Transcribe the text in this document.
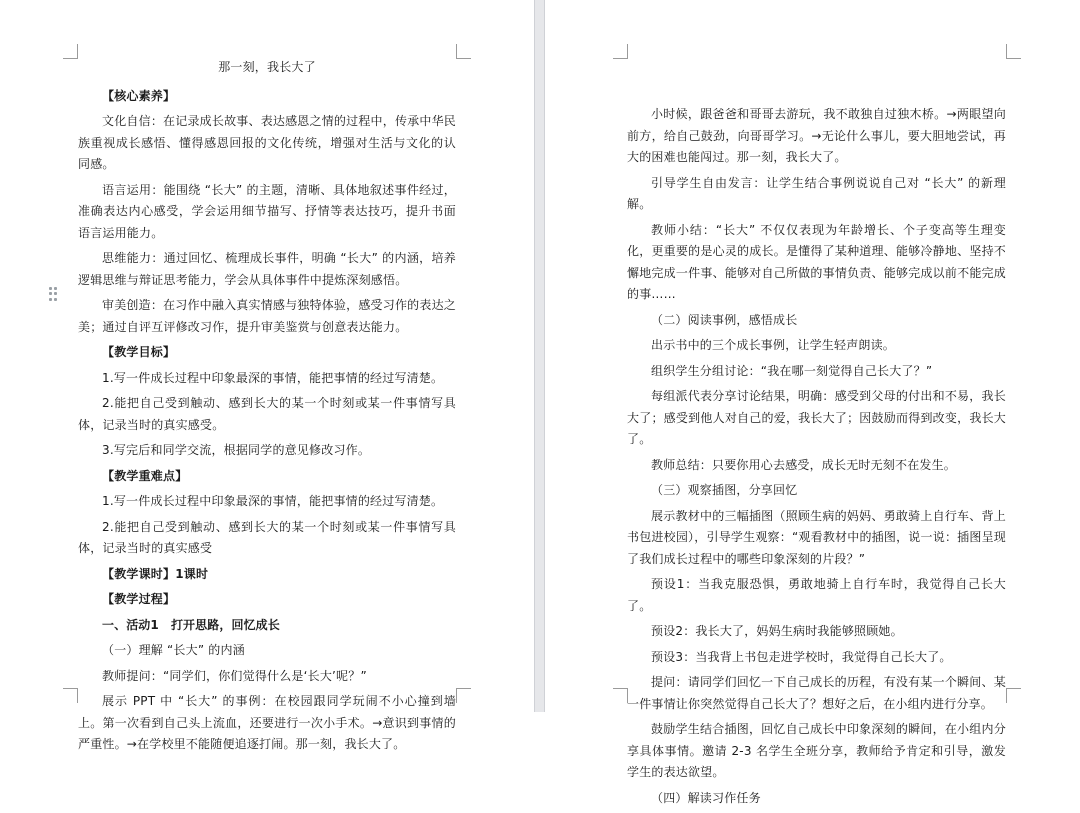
那一刻，我长大了

【核心素养】

文化自信：在记录成长故事、表达感恩之情的过程中，传承中华民族重视成长感悟、懂得感恩回报的文化传统，增强对生活与文化的认同感。

语言运用：能围绕 “长大” 的主题，清晰、具体地叙述事件经过，准确表达内心感受，学会运用细节描写、抒情等表达技巧，提升书面语言运用能力。

思维能力：通过回忆、梳理成长事件，明确 “长大” 的内涵，培养逻辑思维与辩证思考能力，学会从具体事件中提炼深刻感悟。

审美创造：在习作中融入真实情感与独特体验，感受习作的表达之美；通过自评互评修改习作，提升审美鉴赏与创意表达能力。

【教学目标】

1.写一件成长过程中印象最深的事情，能把事情的经过写清楚。

2.能把自己受到触动、感到长大的某一个时刻或某一件事情写具体，记录当时的真实感受。

3.写完后和同学交流，根据同学的意见修改习作。

【教学重难点】

1.写一件成长过程中印象最深的事情，能把事情的经过写清楚。

2.能把自己受到触动、感到长大的某一个时刻或某一件事情写具体，记录当时的真实感受

【教学课时】1课时

【教学过程】

一、活动1　打开思路，回忆成长

（一）理解 “长大” 的内涵

教师提问：“同学们，你们觉得什么是‘长大’呢？”

展示 PPT 中 “长大” 的事例：在校园跟同学玩闹不小心撞到墙上。第一次看到自己头上流血，还要进行一次小手术。→意识到事情的严重性。→在学校里不能随便追逐打闹。那一刻，我长大了。

小时候，跟爸爸和哥哥去游玩，我不敢独自过独木桥。→两眼望向前方，给自己鼓劲，向哥哥学习。→无论什么事儿，要大胆地尝试，再大的困难也能闯过。那一刻，我长大了。

引导学生自由发言：让学生结合事例说说自己对 “长大” 的新理解。

教师小结：“长大” 不仅仅表现为年龄增长、个子变高等生理变化，更重要的是心灵的成长。是懂得了某种道理、能够冷静地、坚持不懈地完成一件事、能够对自己所做的事情负责、能够完成以前不能完成的事……

（二）阅读事例，感悟成长

出示书中的三个成长事例，让学生轻声朗读。

组织学生分组讨论：“我在哪一刻觉得自己长大了？”

每组派代表分享讨论结果，明确：感受到父母的付出和不易，我长大了；感受到他人对自己的爱，我长大了；因鼓励而得到改变，我长大了。

教师总结：只要你用心去感受，成长无时无刻不在发生。

（三）观察插图，分享回忆

展示教材中的三幅插图（照顾生病的妈妈、勇敢骑上自行车、背上书包进校园），引导学生观察：“观看教材中的插图，说一说：插图呈现了我们成长过程中的哪些印象深刻的片段？”

预设1：当我克服恐惧，勇敢地骑上自行车时，我觉得自己长大了。

预设2：我长大了，妈妈生病时我能够照顾她。

预设3：当我背上书包走进学校时，我觉得自己长大了。

提问：请同学们回忆一下自己成长的历程，有没有某一个瞬间、某一件事情让你突然觉得自己长大了？想好之后，在小组内进行分享。

鼓励学生结合插图，回忆自己成长中印象深刻的瞬间，在小组内分享具体事情。邀请 2-3 名学生全班分享，教师给予肯定和引导，激发学生的表达欲望。

（四）解读习作任务
